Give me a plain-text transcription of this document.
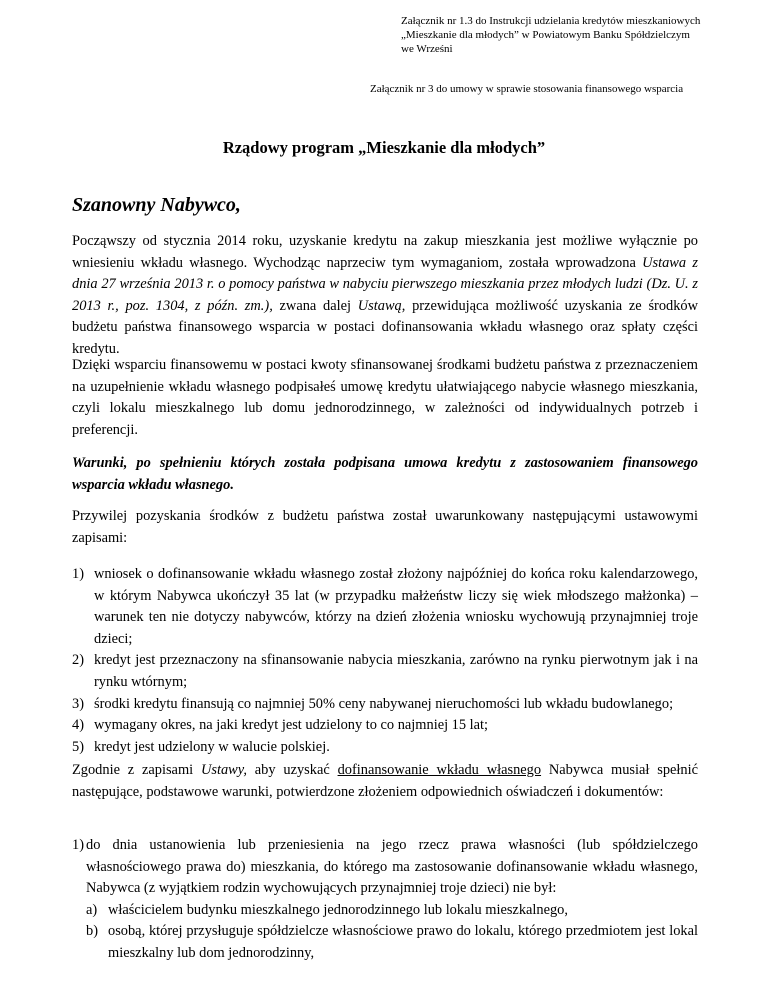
Załącznik nr 1.3 do Instrukcji udzielania kredytów mieszkaniowych „Mieszkanie dla młodych” w Powiatowym Banku Spółdzielczym we Wrześni
Załącznik nr 3 do umowy w sprawie stosowania finansowego wsparcia
Rządowy program „Mieszkanie dla młodych”
Szanowny Nabywco,
Począwszy od stycznia 2014 roku, uzyskanie kredytu na zakup mieszkania jest możliwe wyłącznie po wniesieniu wkładu własnego. Wychodząc naprzeciw tym wymaganiom, została wprowadzona Ustawa z dnia 27 września 2013 r. o pomocy państwa w nabyciu pierwszego mieszkania przez młodych ludzi (Dz. U. z 2013 r., poz. 1304, z późn. zm.), zwana dalej Ustawą, przewidująca możliwość uzyskania ze środków budżetu państwa finansowego wsparcia w postaci dofinansowania wkładu własnego oraz spłaty części kredytu.
Dzięki wsparciu finansowemu w postaci kwoty sfinansowanej środkami budżetu państwa z przeznaczeniem na uzupełnienie wkładu własnego podpisałeś umowę kredytu ułatwiającego nabycie własnego mieszkania, czyli lokalu mieszkalnego lub domu jednorodzinnego, w zależności od indywidualnych potrzeb i preferencji.
Warunki, po spełnieniu których została podpisana umowa kredytu z zastosowaniem finansowego wsparcia wkładu własnego.
Przywilej pozyskania środków z budżetu państwa został uwarunkowany następującymi ustawowymi zapisami:
1) wniosek o dofinansowanie wkładu własnego został złożony najpóźniej do końca roku kalendarzowego, w którym Nabywca ukończył 35 lat (w przypadku małżeństw liczy się wiek młodszego małżonka) – warunek ten nie dotyczy nabywców, którzy na dzień złożenia wniosku wychowują przynajmniej troje dzieci;
2) kredyt jest przeznaczony na sfinansowanie nabycia mieszkania, zarówno na rynku pierwotnym jak i na rynku wtórnym;
3) środki kredytu finansują co najmniej 50% ceny nabywanej nieruchomości lub wkładu budowlanego;
4) wymagany okres, na jaki kredyt jest udzielony to co najmniej 15 lat;
5) kredyt jest udzielony w walucie polskiej.
Zgodnie z zapisami Ustawy, aby uzyskać dofinansowanie wkładu własnego Nabywca musiał spełnić następujące, podstawowe warunki, potwierdzone złożeniem odpowiednich oświadczeń i dokumentów:
1) do dnia ustanowienia lub przeniesienia na jego rzecz prawa własności (lub spółdzielczego własnościowego prawa do) mieszkania, do którego ma zastosowanie dofinansowanie wkładu własnego, Nabywca (z wyjątkiem rodzin wychowujących przynajmniej troje dzieci) nie był:
a) właścicielem budynku mieszkalnego jednorodzinnego lub lokalu mieszkalnego,
b) osobą, której przysługuje spółdzielcze własnościowe prawo do lokalu, którego przedmiotem jest lokal mieszkalny lub dom jednorodzinny,
